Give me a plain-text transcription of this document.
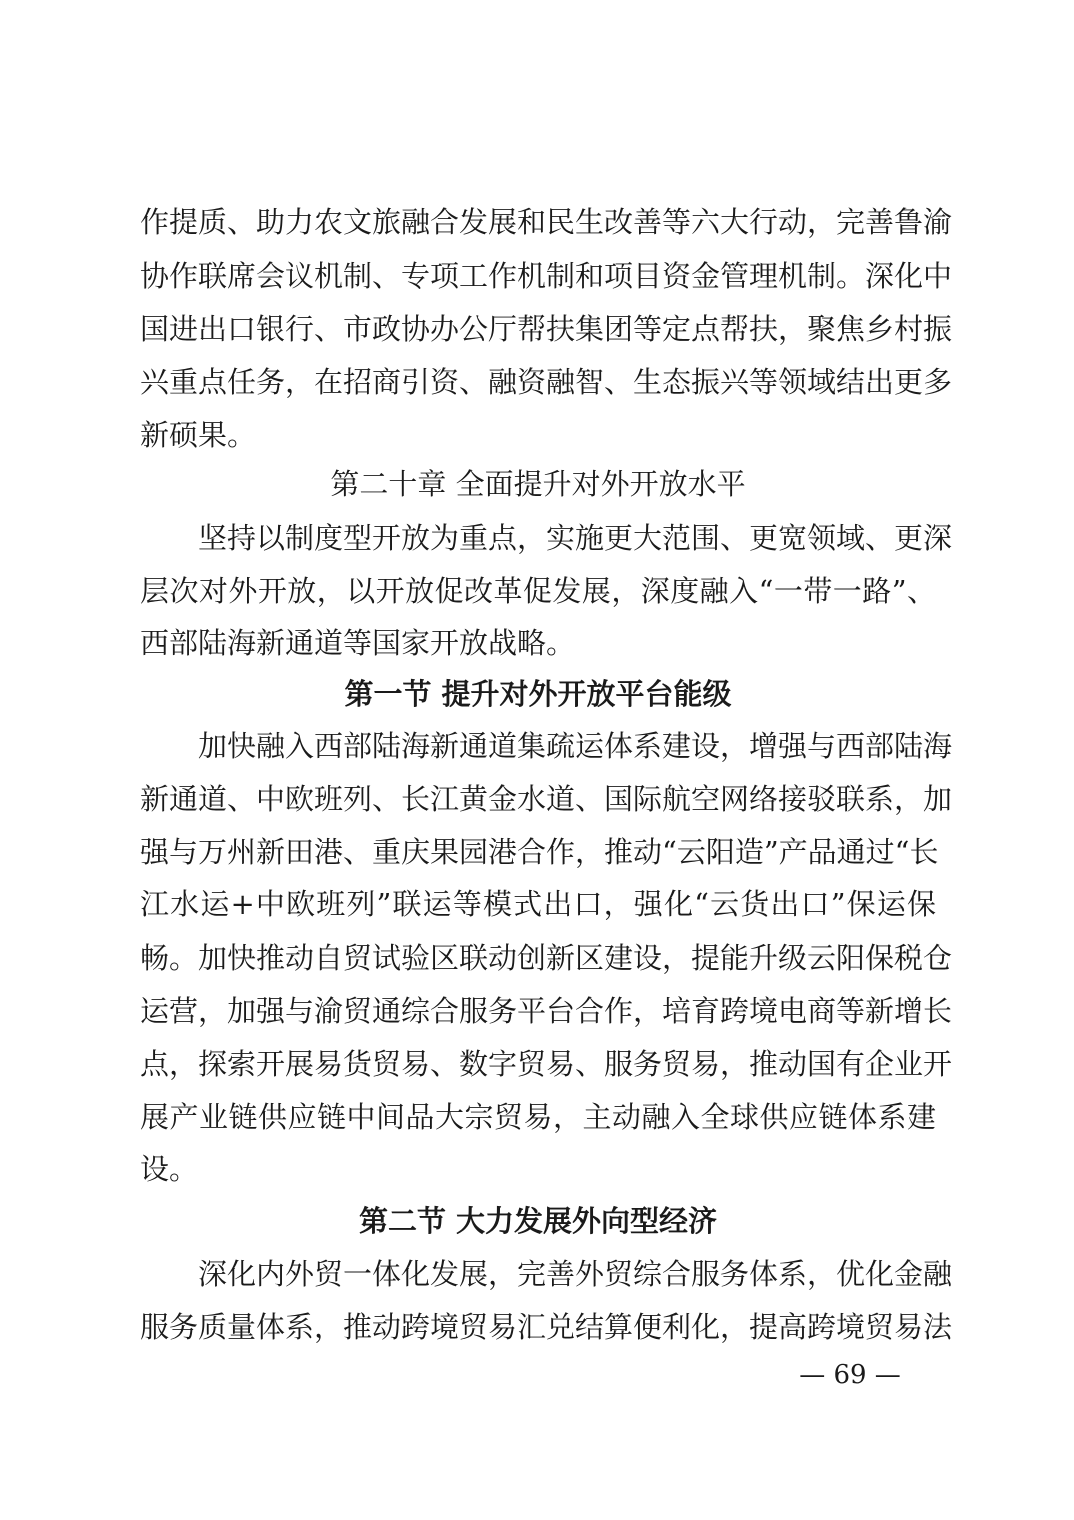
作提质、助力农文旅融合发展和民生改善等六大行动，完善鲁渝
协作联席会议机制、专项工作机制和项目资金管理机制。深化中
国进出口银行、市政协办公厅帮扶集团等定点帮扶，聚焦乡村振
兴重点任务，在招商引资、融资融智、生态振兴等领域结出更多
新硕果。
第二十章 全面提升对外开放水平
坚持以制度型开放为重点，实施更大范围、更宽领域、更深
层次对外开放，以开放促改革促发展，深度融入“一带一路”、
西部陆海新通道等国家开放战略。
第一节 提升对外开放平台能级
加快融入西部陆海新通道集疏运体系建设，增强与西部陆海
新通道、中欧班列、长江黄金水道、国际航空网络接驳联系，加
强与万州新田港、重庆果园港合作，推动“云阳造”产品通过“长
江水运+中欧班列”联运等模式出口，强化“云货出口”保运保
畅。加快推动自贸试验区联动创新区建设，提能升级云阳保税仓
运营，加强与渝贸通综合服务平台合作，培育跨境电商等新增长
点，探索开展易货贸易、数字贸易、服务贸易，推动国有企业开
展产业链供应链中间品大宗贸易，主动融入全球供应链体系建
设。
第二节 大力发展外向型经济
深化内外贸一体化发展，完善外贸综合服务体系，优化金融
服务质量体系，推动跨境贸易汇兑结算便利化，提高跨境贸易法
— 69 —
